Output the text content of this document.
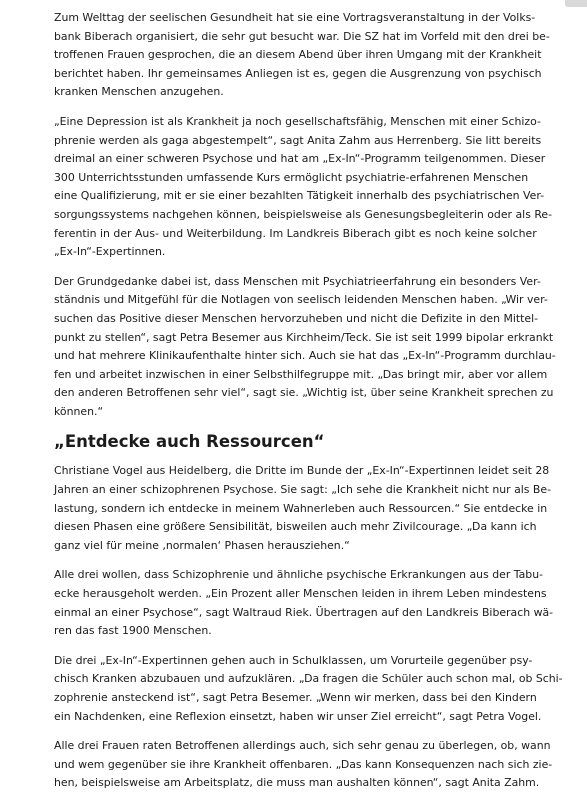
Zum Welttag der seelischen Gesundheit hat sie eine Vortragsveranstaltung in der Volks-
bank Biberach organisiert, die sehr gut besucht war. Die SZ hat im Vorfeld mit den drei be-
troffenen Frauen gesprochen, die an diesem Abend über ihren Umgang mit der Krankheit
berichtet haben. Ihr gemeinsames Anliegen ist es, gegen die Ausgrenzung von psychisch
kranken Menschen anzugehen.

„Eine Depression ist als Krankheit ja noch gesellschaftsfähig, Menschen mit einer Schizo-
phrenie werden als gaga abgestempelt“, sagt Anita Zahm aus Herrenberg. Sie litt bereits
dreimal an einer schweren Psychose und hat am „Ex-In“-Programm teilgenommen. Dieser
300 Unterrichtsstunden umfassende Kurs ermöglicht psychiatrie-erfahrenen Menschen
eine Qualifizierung, mit er sie einer bezahlten Tätigkeit innerhalb des psychiatrischen Ver-
sorgungssystems nachgehen können, beispielsweise als Genesungsbegleiterin oder als Re-
ferentin in der Aus- und Weiterbildung. Im Landkreis Biberach gibt es noch keine solcher
„Ex-In“-Expertinnen.

Der Grundgedanke dabei ist, dass Menschen mit Psychiatrieerfahrung ein besonders Ver-
ständnis und Mitgefühl für die Notlagen von seelisch leidenden Menschen haben. „Wir ver-
suchen das Positive dieser Menschen hervorzuheben und nicht die Defizite in den Mittel-
punkt zu stellen“, sagt Petra Besemer aus Kirchheim/Teck. Sie ist seit 1999 bipolar erkrankt
und hat mehrere Klinikaufenthalte hinter sich. Auch sie hat das „Ex-In“-Programm durchlau-
fen und arbeitet inzwischen in einer Selbsthilfegruppe mit. „Das bringt mir, aber vor allem
den anderen Betroffenen sehr viel“, sagt sie. „Wichtig ist, über seine Krankheit sprechen zu
können.“

„Entdecke auch Ressourcen“

Christiane Vogel aus Heidelberg, die Dritte im Bunde der „Ex-In“-Expertinnen leidet seit 28
Jahren an einer schizophrenen Psychose. Sie sagt: „Ich sehe die Krankheit nicht nur als Be-
lastung, sondern ich entdecke in meinem Wahnerleben auch Ressourcen.“ Sie entdecke in
diesen Phasen eine größere Sensibilität, bisweilen auch mehr Zivilcourage. „Da kann ich
ganz viel für meine ‚normalen‘ Phasen herausziehen.“

Alle drei wollen, dass Schizophrenie und ähnliche psychische Erkrankungen aus der Tabu-
ecke herausgeholt werden. „Ein Prozent aller Menschen leiden in ihrem Leben mindestens
einmal an einer Psychose“, sagt Waltraud Riek. Übertragen auf den Landkreis Biberach wä-
ren das fast 1900 Menschen.

Die drei „Ex-In“-Expertinnen gehen auch in Schulklassen, um Vorurteile gegenüber psy-
chisch Kranken abzubauen und aufzuklären. „Da fragen die Schüler auch schon mal, ob Schi-
zophrenie ansteckend ist“, sagt Petra Besemer. „Wenn wir merken, dass bei den Kindern
ein Nachdenken, eine Reflexion einsetzt, haben wir unser Ziel erreicht“, sagt Petra Vogel.

Alle drei Frauen raten Betroffenen allerdings auch, sich sehr genau zu überlegen, ob, wann
und wem gegenüber sie ihre Krankheit offenbaren. „Das kann Konsequenzen nach sich zie-
hen, beispielsweise am Arbeitsplatz, die muss man aushalten können“, sagt Anita Zahm.
